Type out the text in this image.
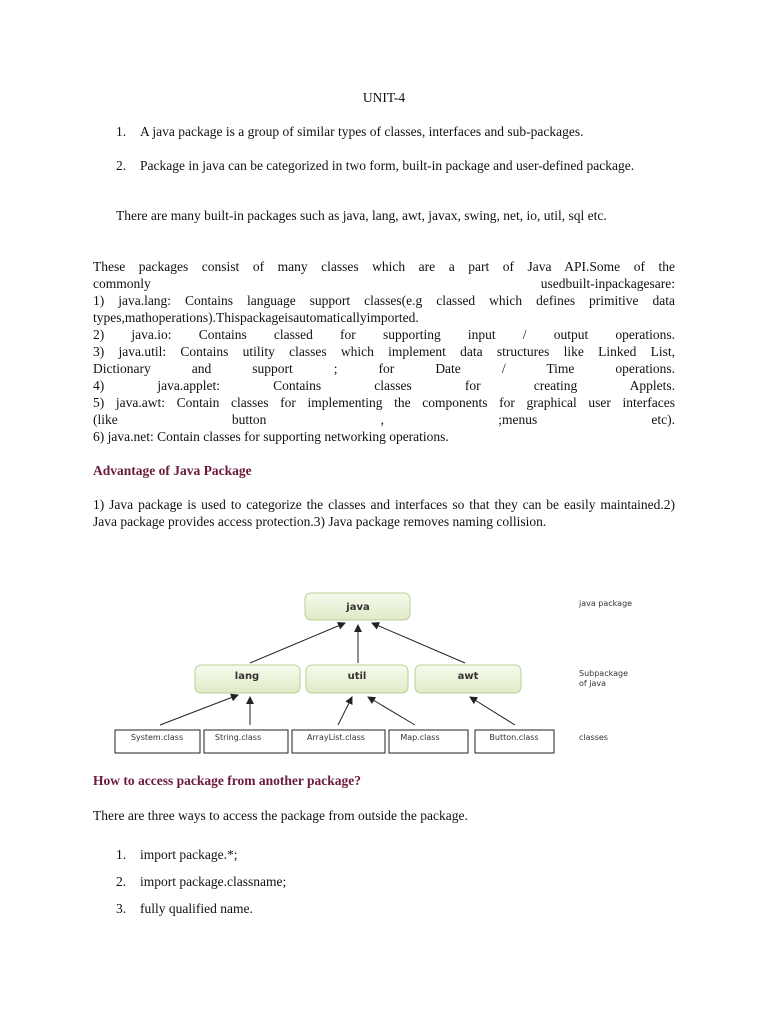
UNIT-4
1. A java package is a group of similar types of classes, interfaces and sub-packages.
2. Package in java can be categorized in two form, built-in package and user-defined package.
There are many built-in packages such as java, lang, awt, javax, swing, net, io, util, sql etc.
These packages consist of many classes which are a part of Java API.Some of the
commonly	usedbuilt-inpackagesare:
1) java.lang: Contains language support classes(e.g classed which defines primitive data
types,mathoperations).Thispackageisautomaticallyimported.
2) java.io: Contains classed for supporting input / output operations.
3) java.util: Contains utility classes which implement data structures like Linked List,
Dictionary and support ; for Date / Time operations.
4) java.applet: Contains classes for creating Applets.
5) java.awt: Contain classes for implementing the components for graphical user interfaces
(like button , ;menus etc).
6) java.net: Contain classes for supporting networking operations.
Advantage of Java Package
1) Java package is used to categorize the classes and interfaces so that they can be easily maintained.2) Java package provides access protection.3) Java package removes naming collision.
java
lang	util	awt
System.class	String.class	ArrayList.class	Map.class	Button.class
java package
Subpackage
of java
classes
How to access package from another package?
There are three ways to access the package from outside the package.
1. import package.*;
2. import package.classname;
3. fully qualified name.
